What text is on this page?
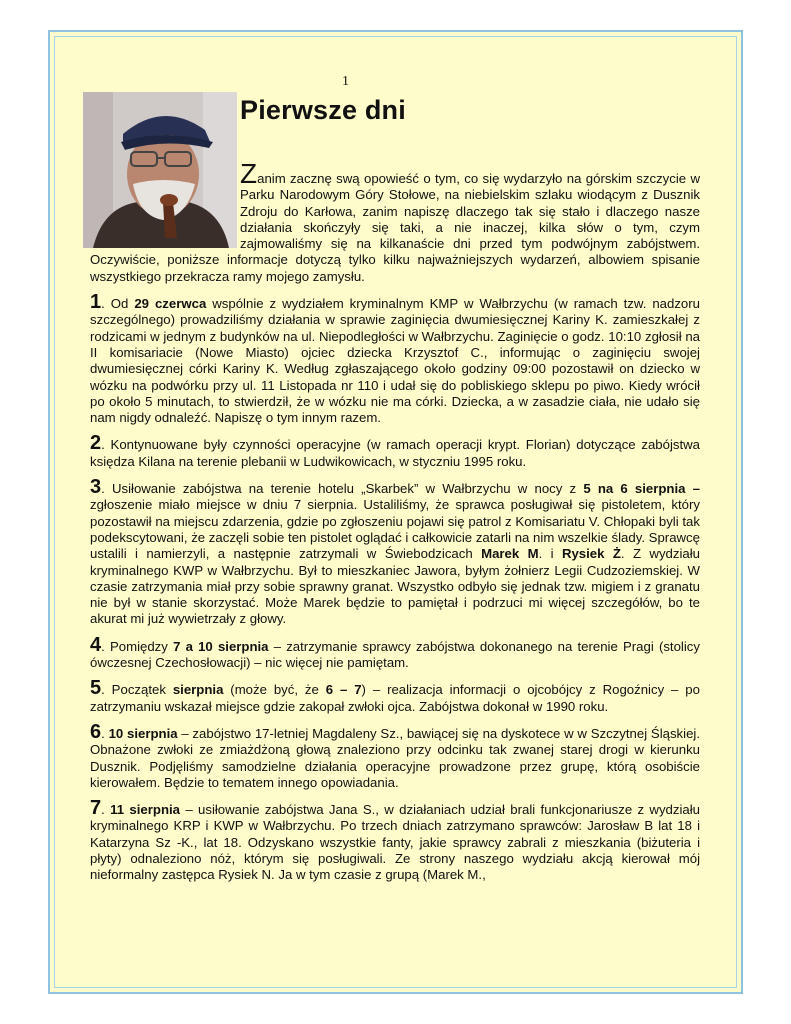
1
Pierwsze dni

Zanim zacznę swą opowieść o tym, co się wydarzyło na górskim szczycie w Parku Narodowym Góry Stołowe, na niebielskim szlaku wiodącym z Dusznik Zdroju do Karłowa, zanim napiszę dlaczego tak się stało i dlaczego nasze działania skończyły się taki, a nie inaczej, kilka słów o tym, czym zajmowaliśmy się na kilkanaście dni przed tym podwójnym zabójstwem. Oczywiście, poniższe informacje dotyczą tylko kilku najważniejszych wydarzeń, albowiem spisanie wszystkiego przekracza ramy mojego zamysłu.

1. Od 29 czerwca wspólnie z wydziałem kryminalnym KMP w Wałbrzychu (w ramach tzw. nadzoru szczególnego) prowadziliśmy działania w sprawie zaginięcia dwumiesięcznej Kariny K. zamieszkałej z rodzicami w jednym z budynków na ul. Niepodległości w Wałbrzychu. Zaginięcie o godz. 10:10 zgłosił na II komisariacie (Nowe Miasto) ojciec dziecka Krzysztof C., informując o zaginięciu swojej dwumiesięcznej córki Kariny K. Według zgłaszającego około godziny 09:00 pozostawił on dziecko w wózku na podwórku przy ul. 11 Listopada nr 110 i udał się do pobliskiego sklepu po piwo. Kiedy wrócił po około 5 minutach, to stwierdził, że w wózku nie ma córki. Dziecka, a w zasadzie ciała, nie udało się nam nigdy odnaleźć. Napiszę o tym innym razem.

2. Kontynuowane były czynności operacyjne (w ramach operacji krypt. Florian) dotyczące zabójstwa księdza Kilana na terenie plebanii w Ludwikowicach, w styczniu 1995 roku.

3. Usiłowanie zabójstwa na terenie hotelu „Skarbek” w Wałbrzychu w nocy z 5 na 6 sierpnia – zgłoszenie miało miejsce w dniu 7 sierpnia. Ustaliliśmy, że sprawca posługiwał się pistoletem, który pozostawił na miejscu zdarzenia, gdzie po zgłoszeniu pojawi się patrol z Komisariatu V. Chłopaki byli tak podekscytowani, że zaczęli sobie ten pistolet oglądać i całkowicie zatarli na nim wszelkie ślady. Sprawcę ustalili i namierzyli, a następnie zatrzymali w Świebodzicach Marek M. i Rysiek Ż. Z wydziału kryminalnego KWP w Wałbrzychu. Był to mieszkaniec Jawora, byłym żołnierz Legii Cudzoziemskiej. W czasie zatrzymania miał przy sobie sprawny granat. Wszystko odbyło się jednak tzw. migiem i z granatu nie był w stanie skorzystać. Może Marek będzie to pamiętał i podrzuci mi więcej szczegółów, bo te akurat mi już wywietrzały z głowy.

4. Pomiędzy 7 a 10 sierpnia – zatrzymanie sprawcy zabójstwa dokonanego na terenie Pragi (stolicy ówczesnej Czechosłowacji) – nic więcej nie pamiętam.

5. Początek sierpnia (może być, że 6 – 7) – realizacja informacji o ojcobójcy z Rogoźnicy – po zatrzymaniu wskazał miejsce gdzie zakopał zwłoki ojca. Zabójstwa dokonał w 1990 roku.

6. 10 sierpnia – zabójstwo 17-letniej Magdaleny Sz., bawiącej się na dyskotece w w Szczytnej Śląskiej. Obnażone zwłoki ze zmiażdżoną głową znaleziono przy odcinku tak zwanej starej drogi w kierunku Dusznik. Podjęliśmy samodzielne działania operacyjne prowadzone przez grupę, którą osobiście kierowałem. Będzie to tematem innego opowiadania.

7. 11 sierpnia – usiłowanie zabójstwa Jana S., w działaniach udział brali funkcjonariusze z wydziału kryminalnego KRP i KWP w Wałbrzychu. Po trzech dniach zatrzymano sprawców: Jarosław B lat 18 i Katarzyna Sz -K., lat 18. Odzyskano wszystkie fanty, jakie sprawcy zabrali z mieszkania (biżuteria i płyty) odnaleziono nóż, którym się posługiwali. Ze strony naszego wydziału akcją kierował mój nieformalny zastępca Rysiek N. Ja w tym czasie z grupą (Marek M.,
